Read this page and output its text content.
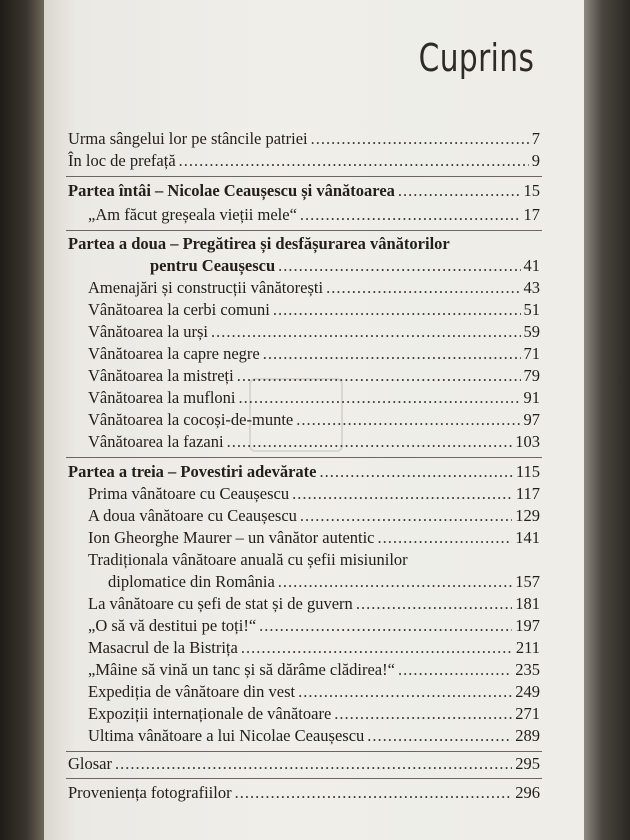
Cuprins
Urma sângelui lor pe stâncile patriei .....	7
În loc de prefață .....	9
Partea întâi – Nicolae Ceaușescu și vânătoarea .....	15
„Am făcut greșeala vieții mele“ .....	17
Partea a doua – Pregătirea și desfășurarea vânătorilor
pentru Ceaușescu .....	41
Amenajări și construcții vânătorești .....	43
Vânătoarea la cerbi comuni .....	51
Vânătoarea la urși .....	59
Vânătoarea la capre negre .....	71
Vânătoarea la mistreți .....	79
Vânătoarea la mufloni .....	91
Vânătoarea la cocoși-de-munte .....	97
Vânătoarea la fazani .....	103
Partea a treia – Povestiri adevărate .....	115
Prima vânătoare cu Ceaușescu .....	117
A doua vânătoare cu Ceaușescu .....	129
Ion Gheorghe Maurer – un vânător autentic .....	141
Tradiționala vânătoare anuală cu șefii misiunilor
diplomatice din România .....	157
La vânătoare cu șefi de stat și de guvern .....	181
„O să vă destitui pe toți!“ .....	197
Masacrul de la Bistrița .....	211
„Mâine să vină un tanc și să dărâme clădirea!“ .....	235
Expediția de vânătoare din vest .....	249
Expoziții internaționale de vânătoare .....	271
Ultima vânătoare a lui Nicolae Ceaușescu .....	289
Glosar .....	295
Proveniența fotografiilor .....	296
